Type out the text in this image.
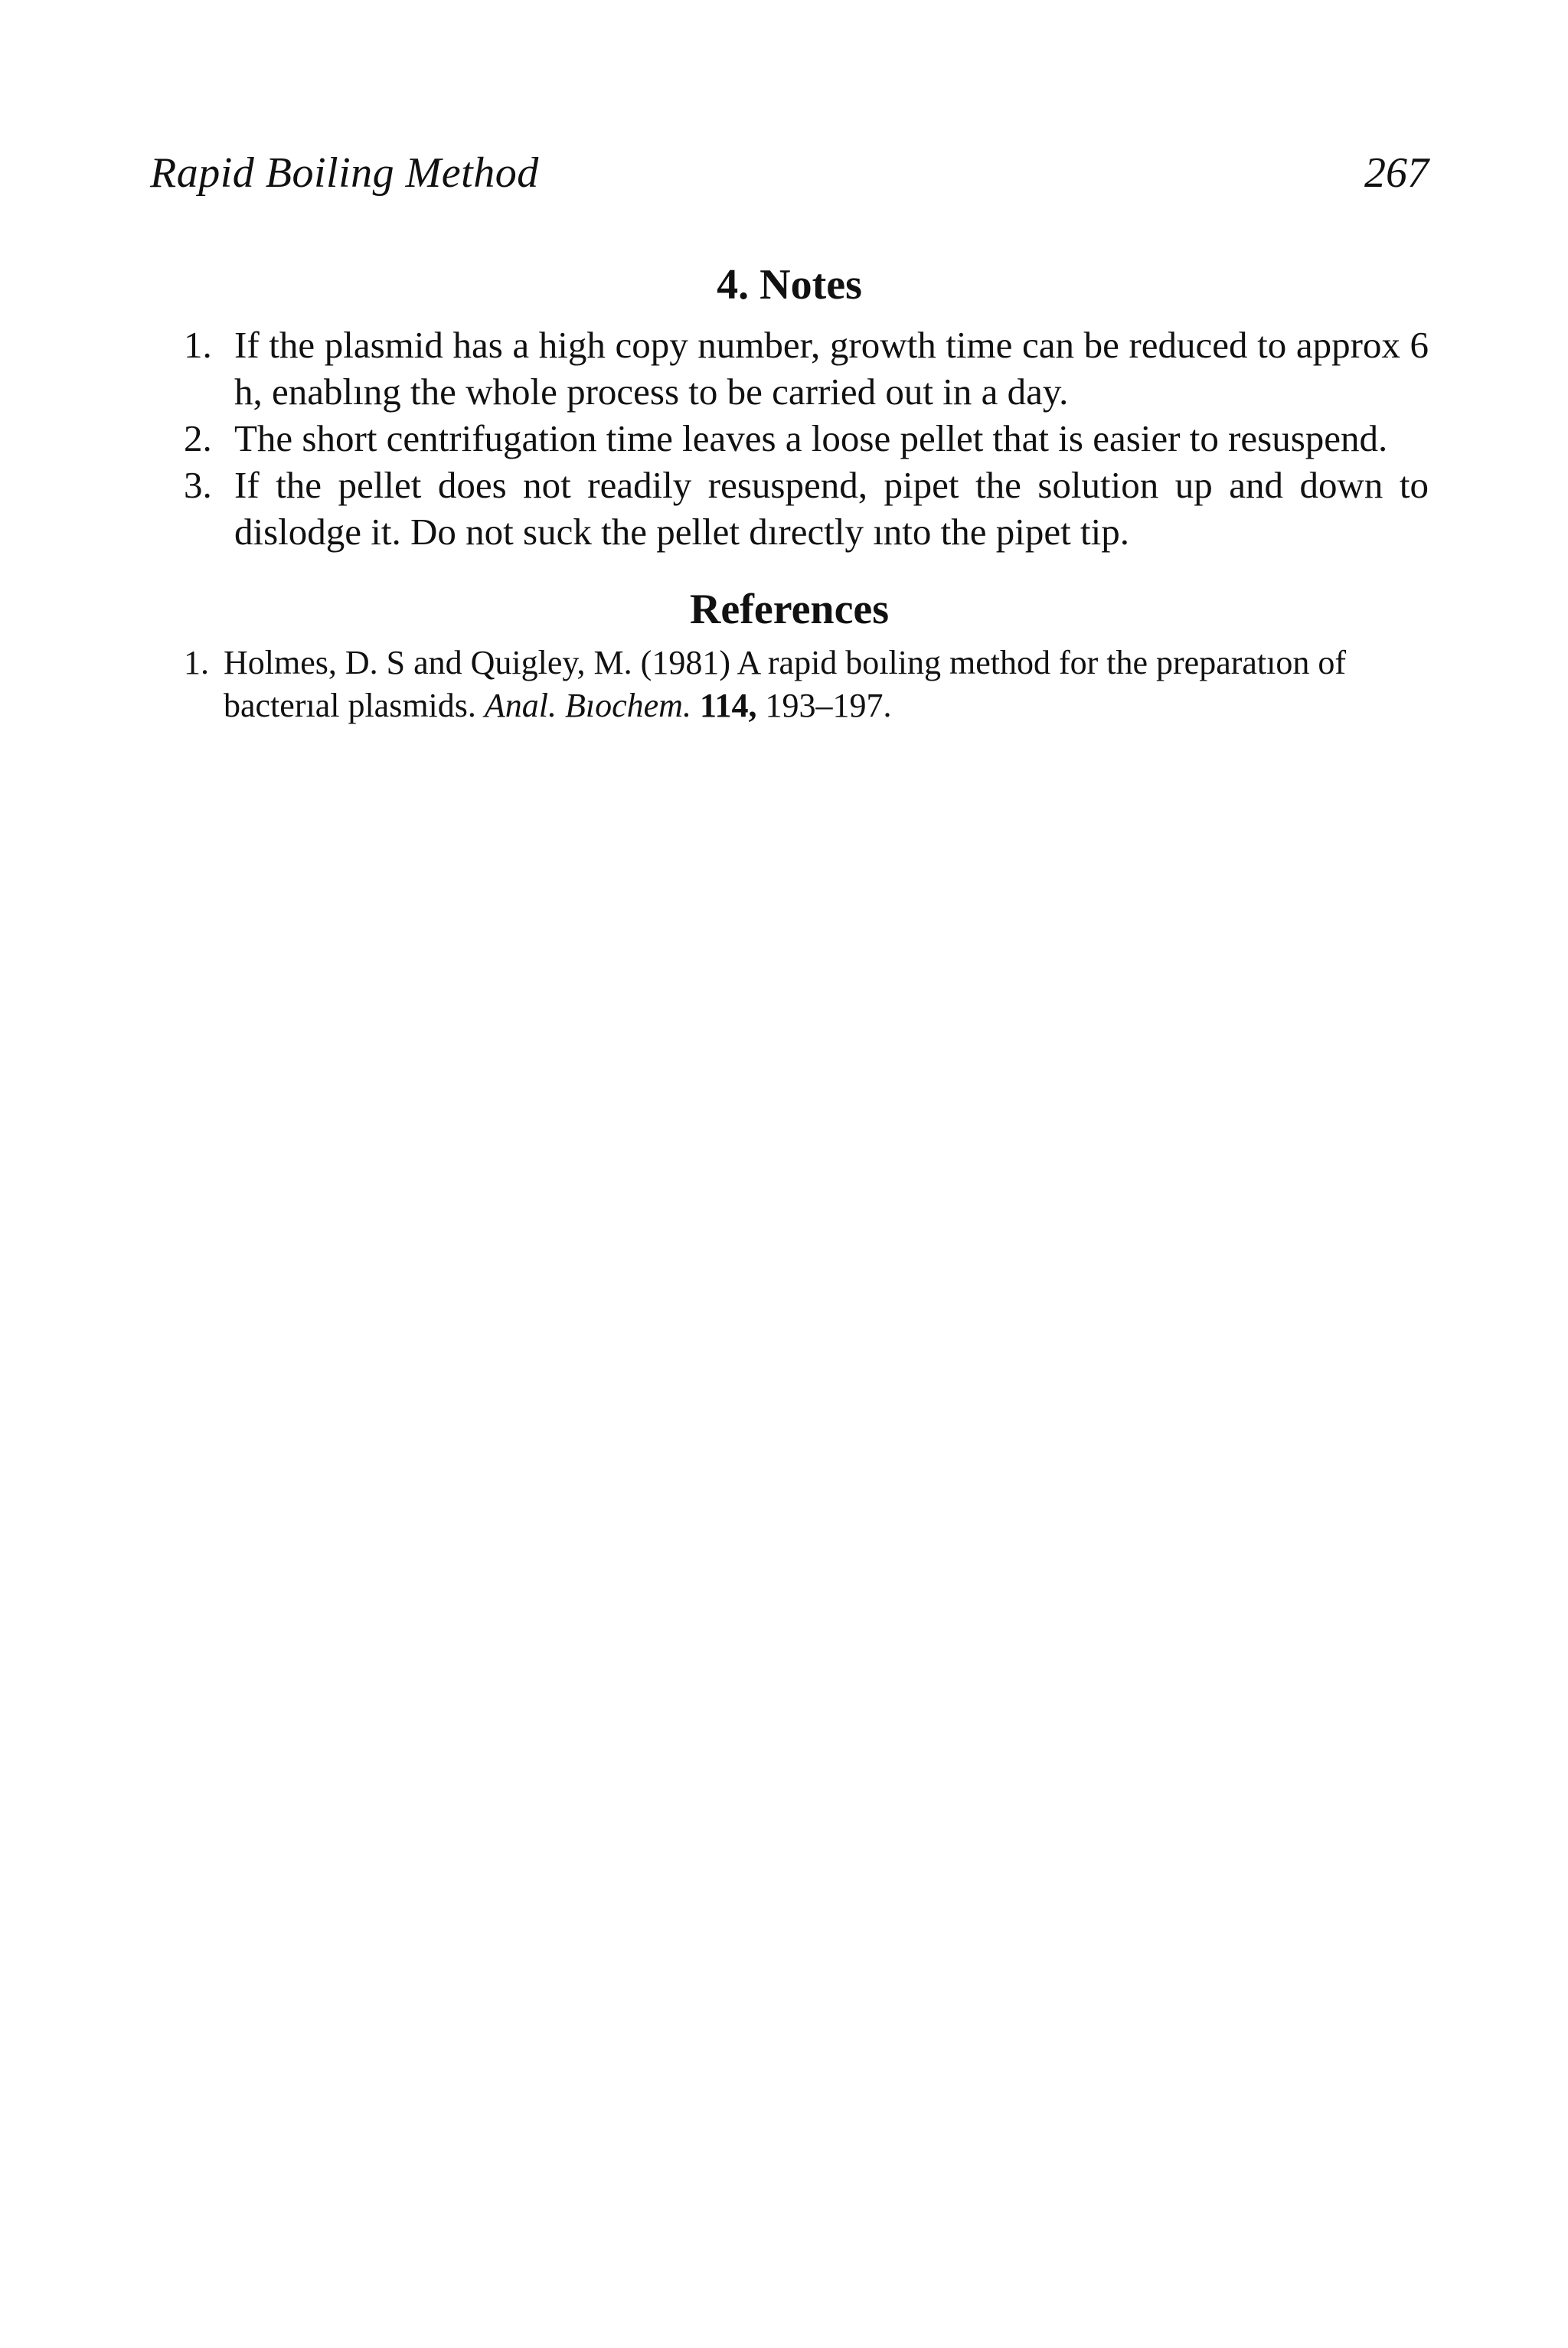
Rapid Boiling Method	267
4. Notes
1. If the plasmid has a high copy number, growth time can be reduced to approx 6 h, enablıng the whole process to be carried out in a day.
2. The short centrifugation time leaves a loose pellet that is easier to resuspend.
3. If the pellet does not readily resuspend, pipet the solution up and down to dislodge it. Do not suck the pellet dırectly ınto the pipet tip.
References
1. Holmes, D. S and Quigley, M. (1981) A rapid boıling method for the preparatıon of bacterıal plasmids. Anal. Bıochem. 114, 193–197.
